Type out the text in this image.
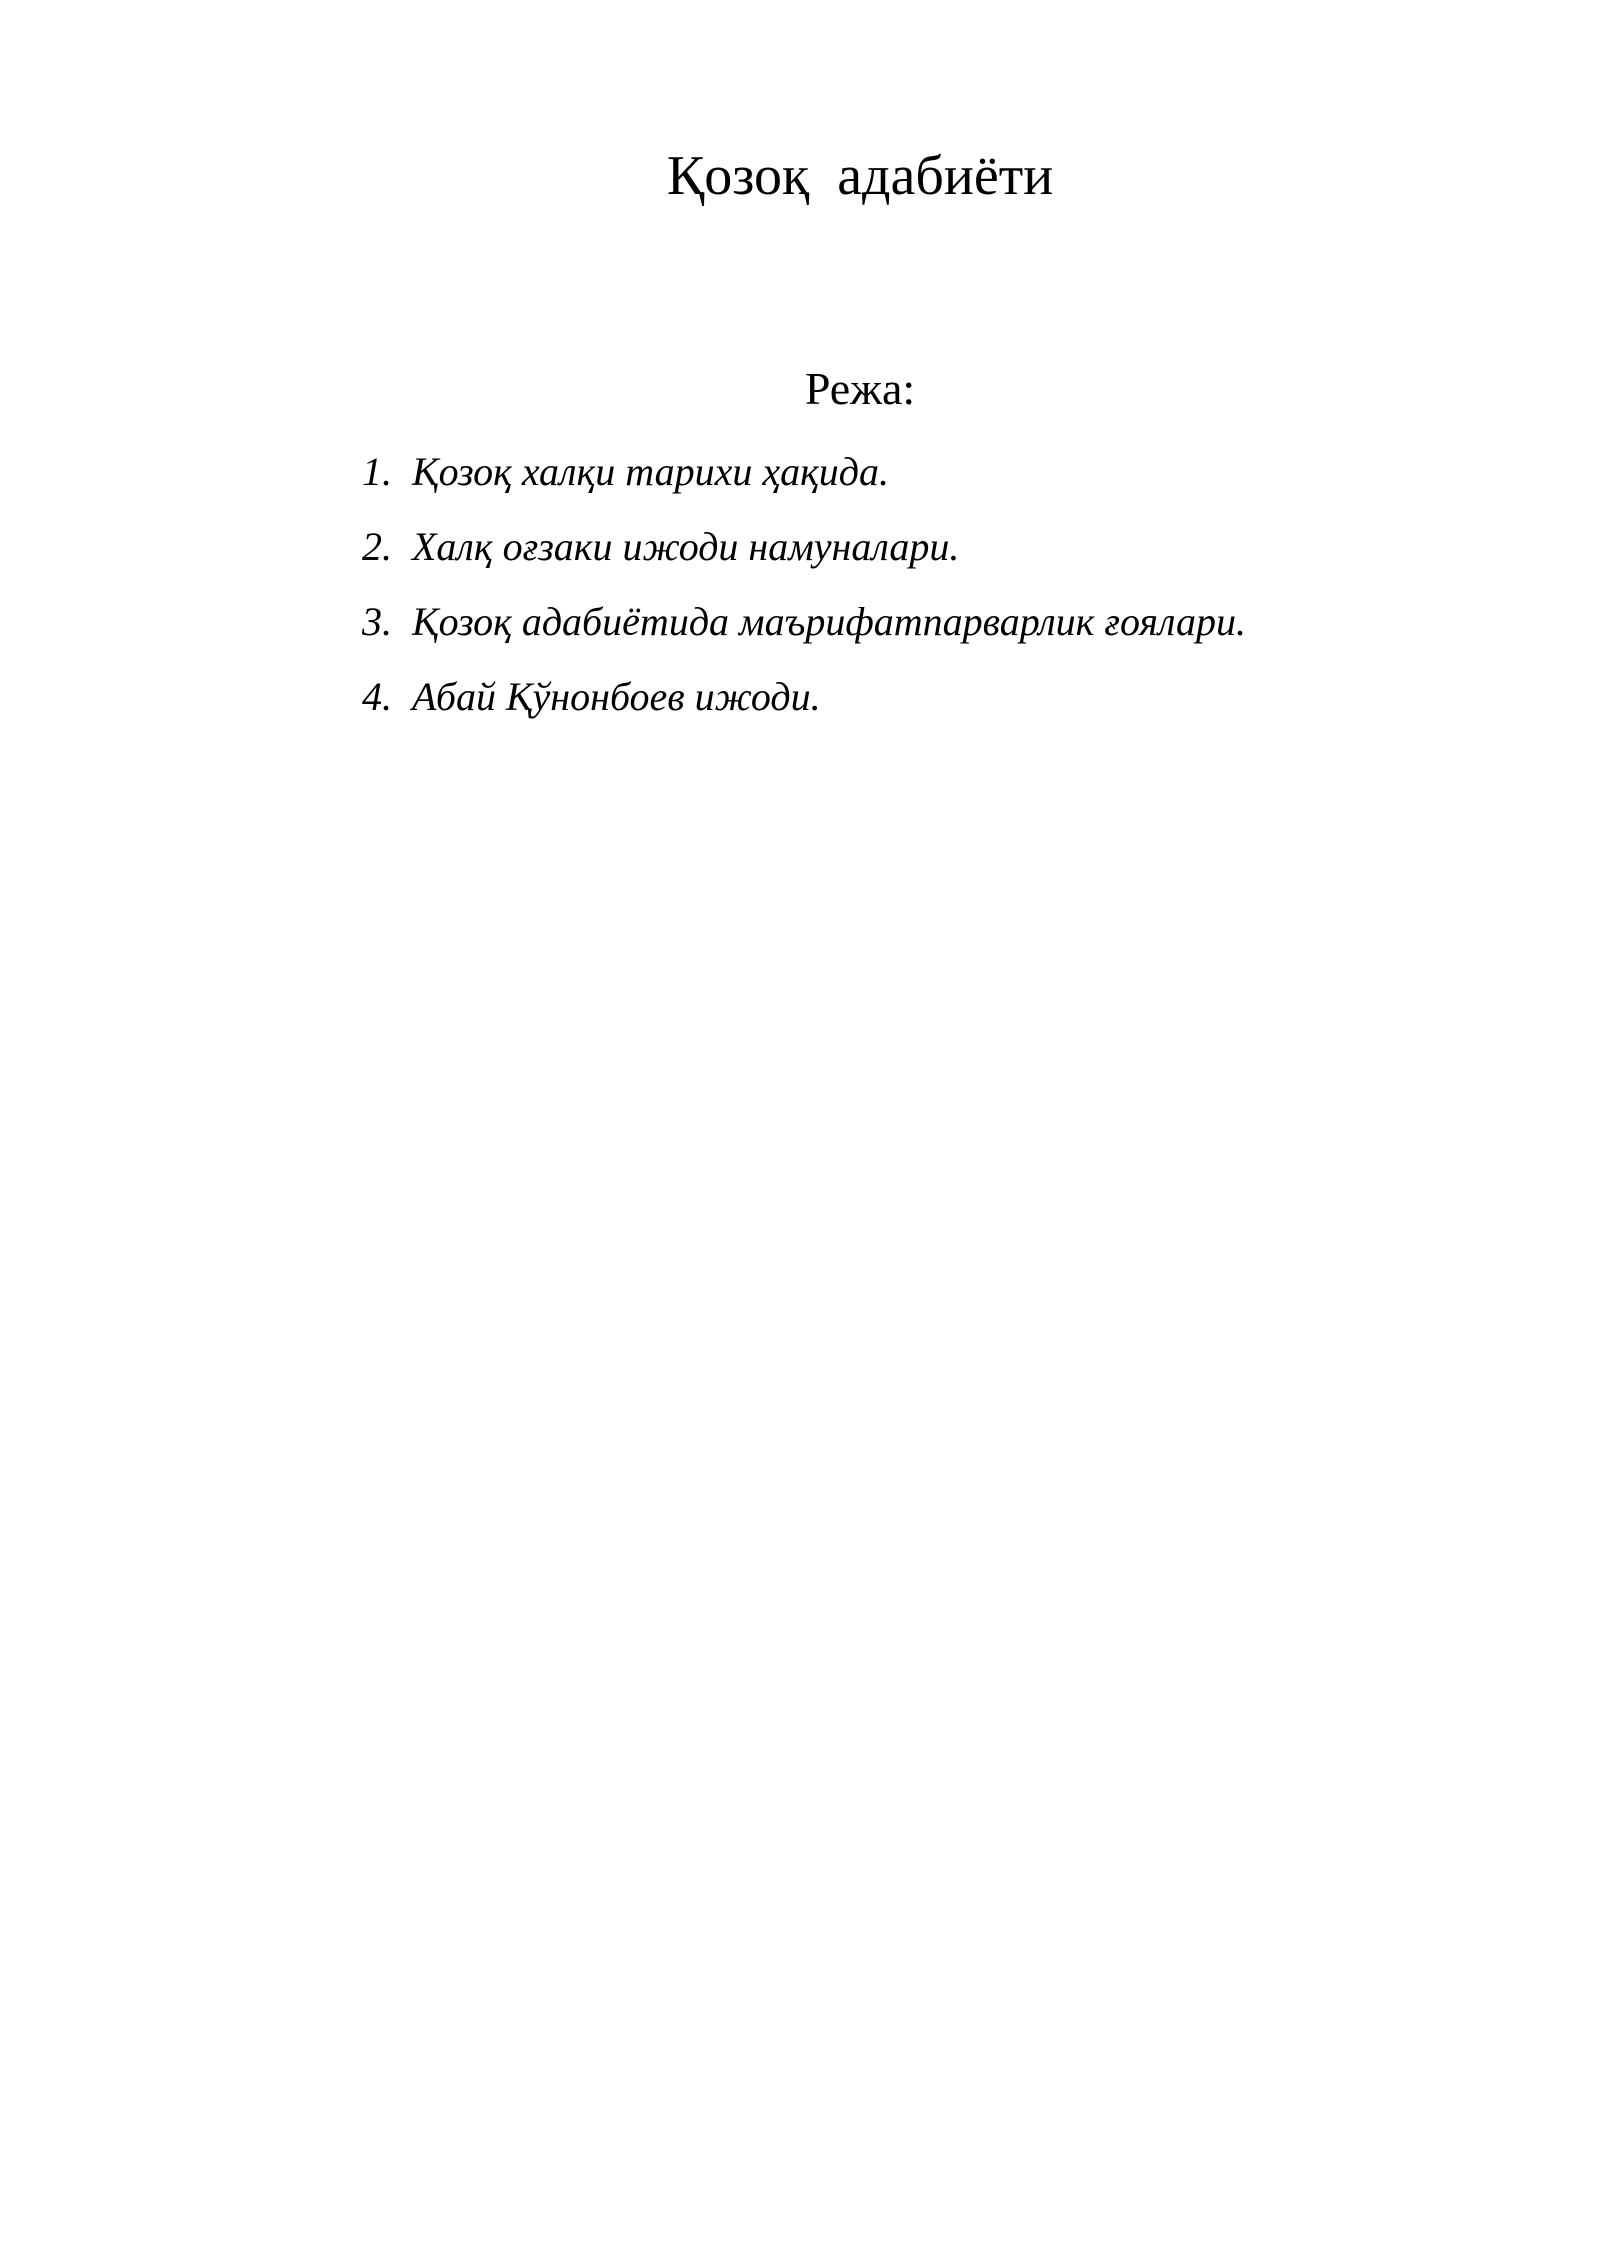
Қозоқ  адабиёти
Режа:
1. Қозоқ халқи тарихи ҳақида.
2. Халқ оғзаки ижоди намуналари.
3. Қозоқ адабиётида маърифатпарварлик ғоялари.
4. Абай Қўнонбоев ижоди.
